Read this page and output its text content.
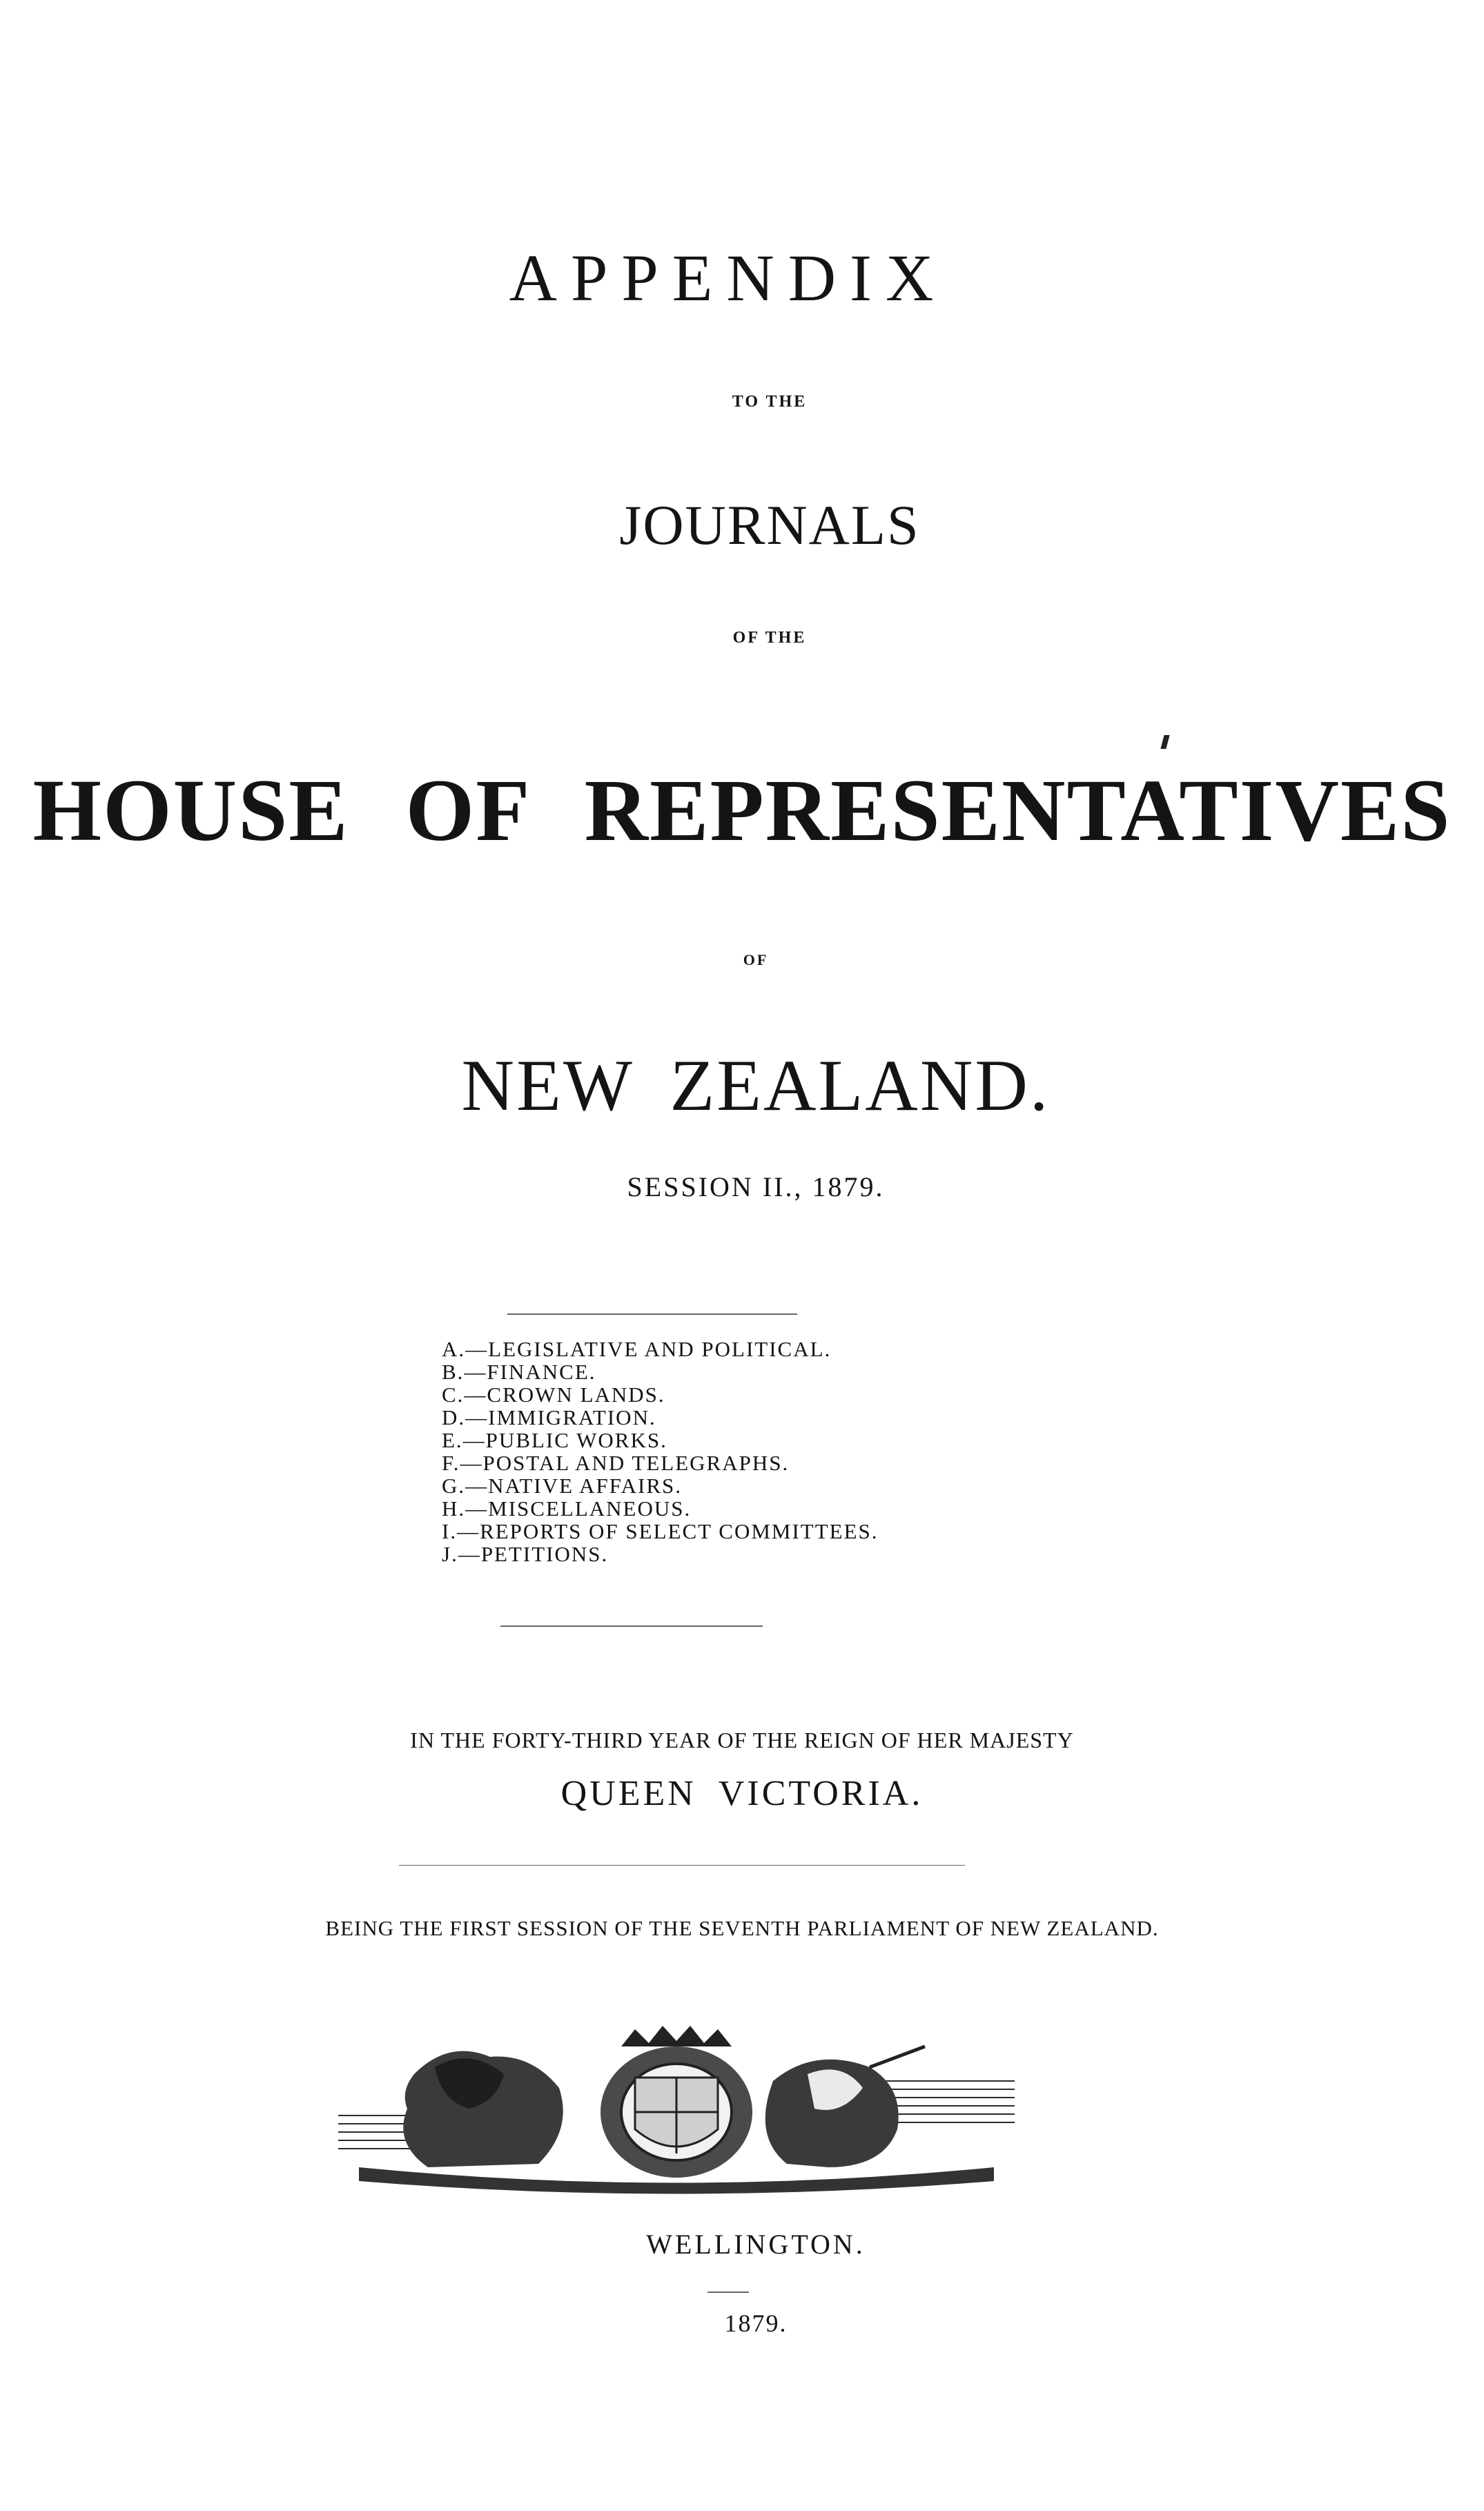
APPENDIX
TO THE
JOURNALS
OF THE
HOUSE OF REPRESENTATIVES
OF
NEW ZEALAND.
SESSION II., 1879.
A.—LEGISLATIVE AND POLITICAL.
B.—FINANCE.
C.—CROWN LANDS.
D.—IMMIGRATION.
E.—PUBLIC WORKS.
F.—POSTAL AND TELEGRAPHS.
G.—NATIVE AFFAIRS.
H.—MISCELLANEOUS.
I.—REPORTS OF SELECT COMMITTEES.
J.—PETITIONS.
IN THE FORTY-THIRD YEAR OF THE REIGN OF HER MAJESTY
QUEEN VICTORIA.
BEING THE FIRST SESSION OF THE SEVENTH PARLIAMENT OF NEW ZEALAND.
WELLINGTON.
1879.
